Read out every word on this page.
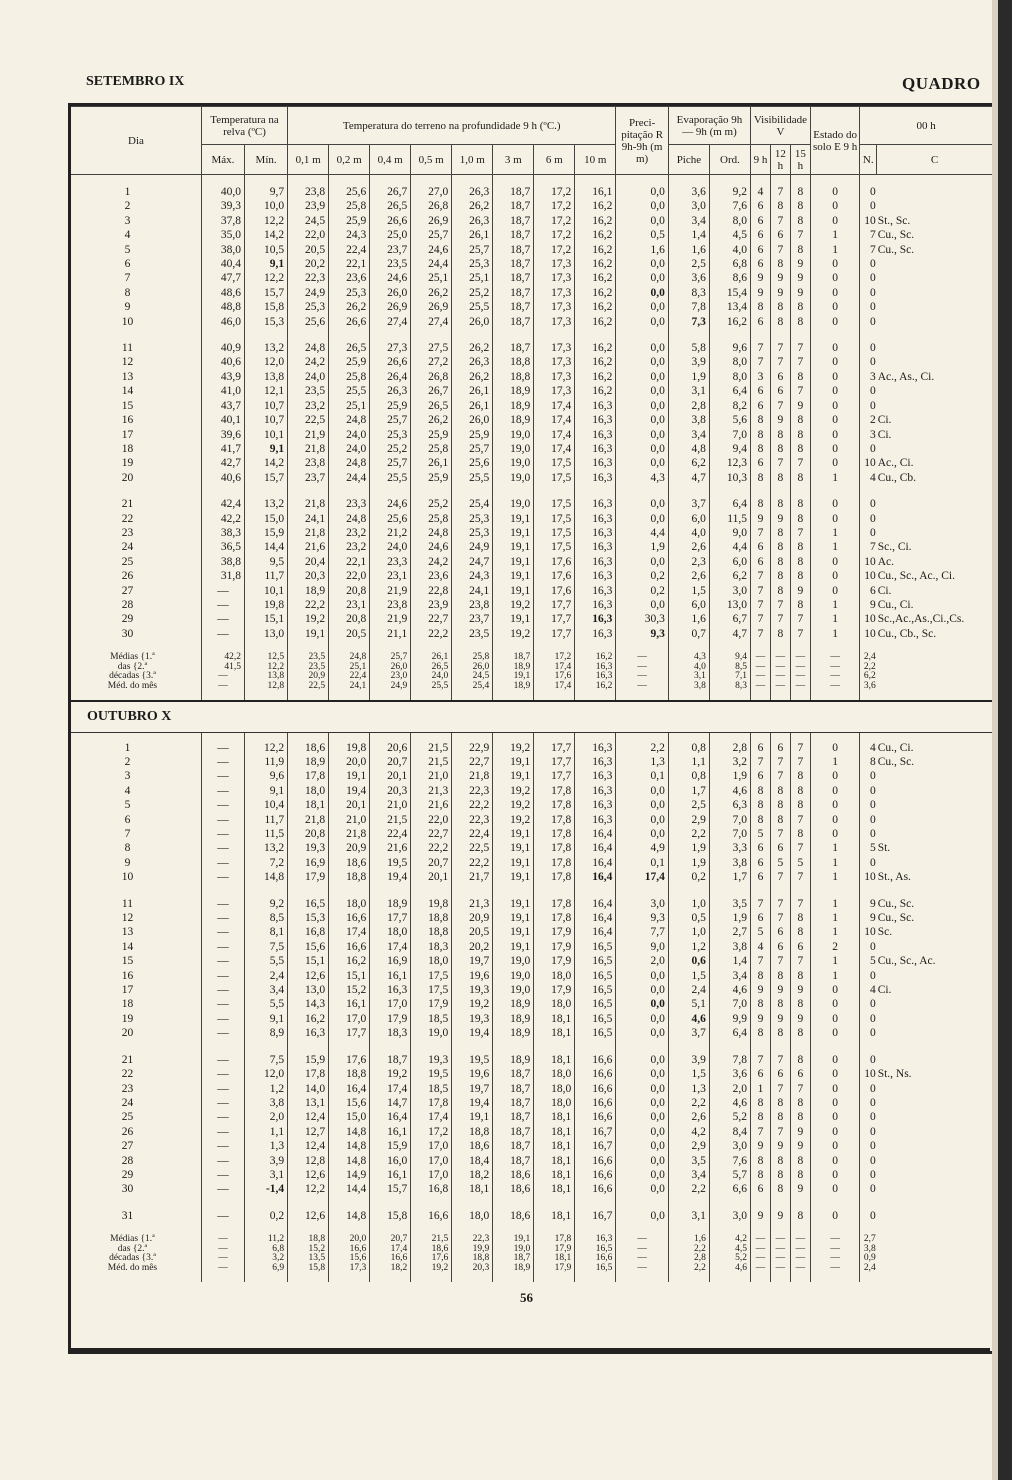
SETEMBRO IX	QUADRO
Dia	Temperatura na relva (ºC)		Temperatura do terreno na profundidade 9 h (ºC.)								Preci- pitação R 9h-9h (m m)	Evaporação 9h — 9h (m m)		Visibilidade V			Estado do solo E 9 h	00 h	
	Máx.	Mín.	0,1 m	0,2 m	0,4 m	0,5 m	1,0 m	3 m	6 m	10 m		Piche	Ord.	9 h	12 h	15 h		N.	C

1	40,0	9,7	23,8	25,6	26,7	27,0	26,3	18,7	17,2	16,1	0,0	3,6	9,2	4	7	8	0	0	
2	39,3	10,0	23,9	25,8	26,5	26,8	26,2	18,7	17,2	16,2	0,0	3,0	7,6	6	8	8	0	0	
3	37,8	12,2	24,5	25,9	26,6	26,9	26,3	18,7	17,2	16,2	0,0	3,4	8,0	6	7	8	0	10	St., Sc.
4	35,0	14,2	22,0	24,3	25,0	25,7	26,1	18,7	17,2	16,2	0,5	1,4	4,5	6	6	7	1	7	Cu., Sc.
5	38,0	10,5	20,5	22,4	23,7	24,6	25,7	18,7	17,2	16,2	1,6	1,6	4,0	6	7	8	1	7	Cu., Sc.
6	40,4	9,1	20,2	22,1	23,5	24,4	25,3	18,7	17,3	16,2	0,0	2,5	6,8	6	8	9	0	0	
7	47,7	12,2	22,3	23,6	24,6	25,1	25,1	18,7	17,3	16,2	0,0	3,6	8,6	9	9	9	0	0	
8	48,6	15,7	24,9	25,3	26,0	26,2	25,2	18,7	17,3	16,2	0,0	8,3	15,4	9	9	9	0	0	
9	48,8	15,8	25,3	26,2	26,9	26,9	25,5	18,7	17,3	16,2	0,0	7,8	13,4	8	8	8	0	0	
10	46,0	15,3	25,6	26,6	27,4	27,4	26,0	18,7	17,3	16,2	0,0	7,3	16,2	6	8	8	0	0	

11	40,9	13,2	24,8	26,5	27,3	27,5	26,2	18,7	17,3	16,2	0,0	5,8	9,6	7	7	7	0	0	
12	40,6	12,0	24,2	25,9	26,6	27,2	26,3	18,8	17,3	16,2	0,0	3,9	8,0	7	7	7	0	0	
13	43,9	13,8	24,0	25,8	26,4	26,8	26,2	18,8	17,3	16,2	0,0	1,9	8,0	3	6	8	0	3	Ac., As., Ci.
14	41,0	12,1	23,5	25,5	26,3	26,7	26,1	18,9	17,3	16,2	0,0	3,1	6,4	6	6	7	0	0	
15	43,7	10,7	23,2	25,1	25,9	26,5	26,1	18,9	17,4	16,3	0,0	2,8	8,2	6	7	9	0	0	
16	40,1	10,7	22,5	24,8	25,7	26,2	26,0	18,9	17,4	16,3	0,0	3,8	5,6	8	9	8	0	2	Ci.
17	39,6	10,1	21,9	24,0	25,3	25,9	25,9	19,0	17,4	16,3	0,0	3,4	7,0	8	8	8	0	3	Ci.
18	41,7	9,1	21,8	24,0	25,2	25,8	25,7	19,0	17,4	16,3	0,0	4,8	9,4	8	8	8	0	0	
19	42,7	14,2	23,8	24,8	25,7	26,1	25,6	19,0	17,5	16,3	0,0	6,2	12,3	6	7	7	0	10	Ac., Ci.
20	40,6	15,7	23,7	24,4	25,5	25,9	25,5	19,0	17,5	16,3	4,3	4,7	10,3	8	8	8	1	4	Cu., Cb.

21	42,4	13,2	21,8	23,3	24,6	25,2	25,4	19,0	17,5	16,3	0,0	3,7	6,4	8	8	8	0	0	
22	42,2	15,0	24,1	24,8	25,6	25,8	25,3	19,1	17,5	16,3	0,0	6,0	11,5	9	9	8	0	0	
23	38,3	15,9	21,8	23,2	21,2	24,8	25,3	19,1	17,5	16,3	4,4	4,0	9,0	7	8	7	1	0	
24	36,5	14,4	21,6	23,2	24,0	24,6	24,9	19,1	17,5	16,3	1,9	2,6	4,4	6	8	8	1	7	Sc., Ci.
25	38,8	9,5	20,4	22,1	23,3	24,2	24,7	19,1	17,6	16,3	0,0	2,3	6,0	6	8	8	0	10	Ac.
26	31,8	11,7	20,3	22,0	23,1	23,6	24,3	19,1	17,6	16,3	0,2	2,6	6,2	7	8	8	0	10	Cu., Sc., Ac., Ci.
27	—	10,1	18,9	20,8	21,9	22,8	24,1	19,1	17,6	16,3	0,2	1,5	3,0	7	8	9	0	6	Ci.
28	—	19,8	22,2	23,1	23,8	23,9	23,8	19,2	17,7	16,3	0,0	6,0	13,0	7	7	8	1	9	Cu., Ci.
29	—	15,1	19,2	20,8	21,9	22,7	23,7	19,1	17,7	16,3	30,3	1,6	6,7	7	7	7	1	10	Sc.,Ac.,As.,Ci.,Cs.
30	—	13,0	19,1	20,5	21,1	22,2	23,5	19,2	17,7	16,3	9,3	0,7	4,7	7	8	7	1	10	Cu., Cb., Sc.

Médias {1.ª	42,2	12,5	23,5	24,8	25,7	26,1	25,8	18,7	17,2	16,2	—	4,3	9,4	—	—	—	—	2,4	
das {2.ª	41,5	12,2	23,5	25,1	26,0	26,5	26,0	18,9	17,4	16,3	—	4,0	8,5	—	—	—	—	2,2	
décadas {3.ª	—	13,8	20,9	22,4	23,0	24,0	24,5	19,1	17,6	16,3	—	3,1	7,1	—	—	—	—	6,2	
Méd. do mês	—	12,8	22,5	24,1	24,9	25,5	25,4	18,9	17,4	16,2	—	3,8	8,3	—	—	—	—	3,6	

OUTUBRO X																			

1	—	12,2	18,6	19,8	20,6	21,5	22,9	19,2	17,7	16,3	2,2	0,8	2,8	6	6	7	0	4	Cu., Ci.
2	—	11,9	18,9	20,0	20,7	21,5	22,7	19,1	17,7	16,3	1,3	1,1	3,2	7	7	7	1	8	Cu., Sc.
3	—	9,6	17,8	19,1	20,1	21,0	21,8	19,1	17,7	16,3	0,1	0,8	1,9	6	7	8	0	0	
4	—	9,1	18,0	19,4	20,3	21,3	22,3	19,2	17,8	16,3	0,0	1,7	4,6	8	8	8	0	0	
5	—	10,4	18,1	20,1	21,0	21,6	22,2	19,2	17,8	16,3	0,0	2,5	6,3	8	8	8	0	0	
6	—	11,7	21,8	21,0	21,5	22,0	22,3	19,2	17,8	16,3	0,0	2,9	7,0	8	8	7	0	0	
7	—	11,5	20,8	21,8	22,4	22,7	22,4	19,1	17,8	16,4	0,0	2,2	7,0	5	7	8	0	0	
8	—	13,2	19,3	20,9	21,6	22,2	22,5	19,1	17,8	16,4	4,9	1,9	3,3	6	6	7	1	5	St.
9	—	7,2	16,9	18,6	19,5	20,7	22,2	19,1	17,8	16,4	0,1	1,9	3,8	6	5	5	1	0	
10	—	14,8	17,9	18,8	19,4	20,1	21,7	19,1	17,8	16,4	17,4	0,2	1,7	6	7	7	1	10	St., As.

11	—	9,2	16,5	18,0	18,9	19,8	21,3	19,1	17,8	16,4	3,0	1,0	3,5	7	7	7	1	9	Cu., Sc.
12	—	8,5	15,3	16,6	17,7	18,8	20,9	19,1	17,8	16,4	9,3	0,5	1,9	6	7	8	1	9	Cu., Sc.
13	—	8,1	16,8	17,4	18,0	18,8	20,5	19,1	17,9	16,4	7,7	1,0	2,7	5	6	8	1	10	Sc.
14	—	7,5	15,6	16,6	17,4	18,3	20,2	19,1	17,9	16,5	9,0	1,2	3,8	4	6	6	2	0	
15	—	5,5	15,1	16,2	16,9	18,0	19,7	19,0	17,9	16,5	2,0	0,6	1,4	7	7	7	1	5	Cu., Sc., Ac.
16	—	2,4	12,6	15,1	16,1	17,5	19,6	19,0	18,0	16,5	0,0	1,5	3,4	8	8	8	1	0	
17	—	3,4	13,0	15,2	16,3	17,5	19,3	19,0	17,9	16,5	0,0	2,4	4,6	9	9	9	0	4	Ci.
18	—	5,5	14,3	16,1	17,0	17,9	19,2	18,9	18,0	16,5	0,0	5,1	7,0	8	8	8	0	0	
19	—	9,1	16,2	17,0	17,9	18,5	19,3	18,9	18,1	16,5	0,0	4,6	9,9	9	9	9	0	0	
20	—	8,9	16,3	17,7	18,3	19,0	19,4	18,9	18,1	16,5	0,0	3,7	6,4	8	8	8	0	0	

21	—	7,5	15,9	17,6	18,7	19,3	19,5	18,9	18,1	16,6	0,0	3,9	7,8	7	7	8	0	0	
22	—	12,0	17,8	18,8	19,2	19,5	19,6	18,7	18,0	16,6	0,0	1,5	3,6	6	6	6	0	10	St., Ns.
23	—	1,2	14,0	16,4	17,4	18,5	19,7	18,7	18,0	16,6	0,0	1,3	2,0	1	7	7	0	0	
24	—	3,8	13,1	15,6	14,7	17,8	19,4	18,7	18,0	16,6	0,0	2,2	4,6	8	8	8	0	0	
25	—	2,0	12,4	15,0	16,4	17,4	19,1	18,7	18,1	16,6	0,0	2,6	5,2	8	8	8	0	0	
26	—	1,1	12,7	14,8	16,1	17,2	18,8	18,7	18,1	16,7	0,0	4,2	8,4	7	7	9	0	0	
27	—	1,3	12,4	14,8	15,9	17,0	18,6	18,7	18,1	16,7	0,0	2,9	3,0	9	9	9	0	0	
28	—	3,9	12,8	14,8	16,0	17,0	18,4	18,7	18,1	16,6	0,0	3,5	7,6	8	8	8	0	0	
29	—	3,1	12,6	14,9	16,1	17,0	18,2	18,6	18,1	16,6	0,0	3,4	5,7	8	8	8	0	0	
30	—	-1,4	12,2	14,4	15,7	16,8	18,1	18,6	18,1	16,6	0,0	2,2	6,6	6	8	9	0	0	

31	—	0,2	12,6	14,8	15,8	16,6	18,0	18,6	18,1	16,7	0,0	3,1	3,0	9	9	8	0	0	

Médias {1.ª	—	11,2	18,8	20,0	20,7	21,5	22,3	19,1	17,8	16,3	—	1,6	4,2	—	—	—	—	2,7	
das {2.ª	—	6,8	15,2	16,6	17,4	18,6	19,9	19,0	17,9	16,5	—	2,2	4,5	—	—	—	—	3,8	
décadas {3.ª	—	3,2	13,5	15,6	16,6	17,6	18,8	18,7	18,1	16,6	—	2,8	5,2	—	—	—	—	0,9	
Méd. do mês	—	6,9	15,8	17,3	18,2	19,2	20,3	18,9	17,9	16,5	—	2,2	4,6	—	—	—	—	2,4	

56
